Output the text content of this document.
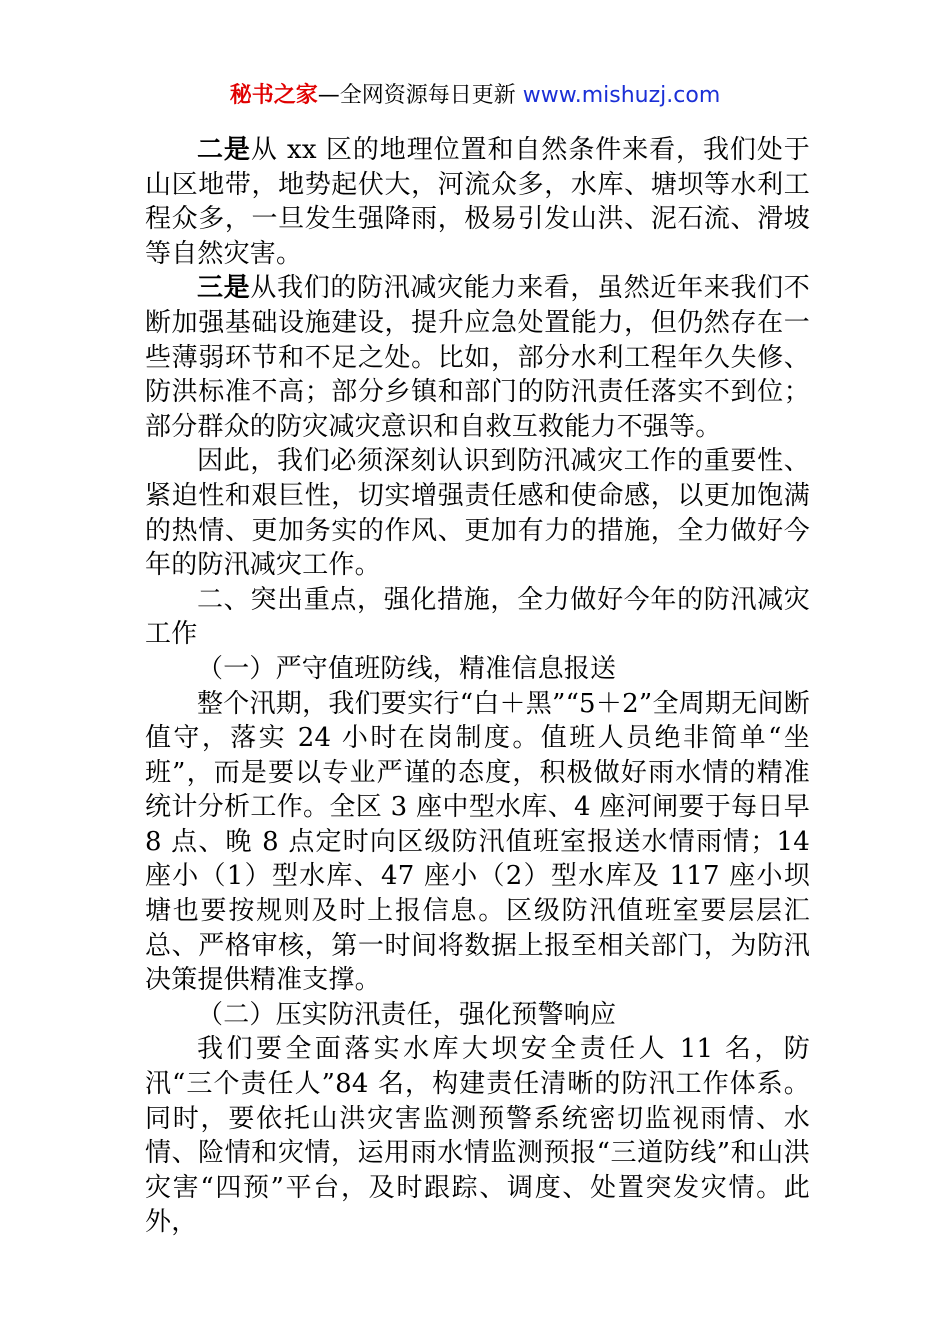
秘书之家—全网资源每日更新 www.mishuzj.com

二是从 xx 区的地理位置和自然条件来看，我们处于山区地带，地势起伏大，河流众多，水库、塘坝等水利工程众多，一旦发生强降雨，极易引发山洪、泥石流、滑坡等自然灾害。

三是从我们的防汛减灾能力来看，虽然近年来我们不断加强基础设施建设，提升应急处置能力，但仍然存在一些薄弱环节和不足之处。比如，部分水利工程年久失修、防洪标准不高；部分乡镇和部门的防汛责任落实不到位；部分群众的防灾减灾意识和自救互救能力不强等。

因此，我们必须深刻认识到防汛减灾工作的重要性、紧迫性和艰巨性，切实增强责任感和使命感，以更加饱满的热情、更加务实的作风、更加有力的措施，全力做好今年的防汛减灾工作。

二、突出重点，强化措施，全力做好今年的防汛减灾工作

（一）严守值班防线，精准信息报送

整个汛期，我们要实行“白＋黑”“5＋2”全周期无间断值守，落实 24 小时在岗制度。值班人员绝非简单“坐班”，而是要以专业严谨的态度，积极做好雨水情的精准统计分析工作。全区 3 座中型水库、4 座河闸要于每日早 8 点、晚 8 点定时向区级防汛值班室报送水情雨情；14 座小（1）型水库、47 座小（2）型水库及 117 座小坝塘也要按规则及时上报信息。区级防汛值班室要层层汇总、严格审核，第一时间将数据上报至相关部门，为防汛决策提供精准支撑。

（二）压实防汛责任，强化预警响应

我们要全面落实水库大坝安全责任人 11 名，防汛“三个责任人”84 名，构建责任清晰的防汛工作体系。同时，要依托山洪灾害监测预警系统密切监视雨情、水情、险情和灾情，运用雨水情监测预报“三道防线”和山洪灾害“四预”平台，及时跟踪、调度、处置突发灾情。此外，
